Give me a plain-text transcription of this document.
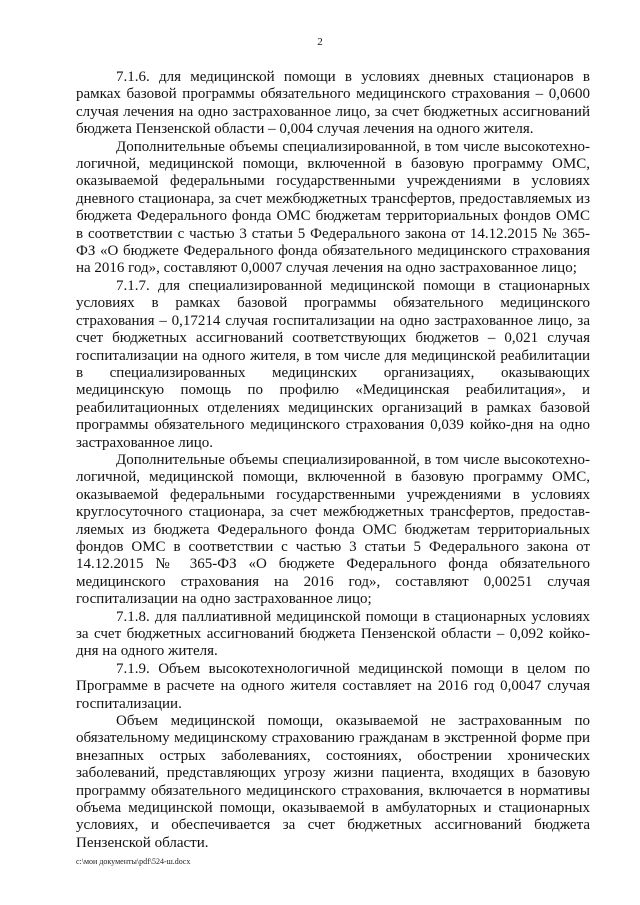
2

7.1.6. для медицинской помощи в условиях дневных стационаров в рамках базовой программы обязательного медицинского страхования – 0,0600 случая лечения на одно застрахованное лицо, за счет бюджетных ассигнований бюджета Пензенской области – 0,004 случая лечения на одного жителя.

Дополнительные объемы специализированной, в том числе высокотехнологичной, медицинской помощи, включенной в базовую программу ОМС, оказываемой федеральными государственными учреждениями в условиях дневного стационара, за счет межбюджетных трансфертов, предоставляемых из бюджета Федерального фонда ОМС бюджетам территориальных фондов ОМС в соответствии с частью 3 статьи 5 Федерального закона от 14.12.2015 № 365-ФЗ «О бюджете Федерального фонда обязательного медицинского страхования на 2016 год», составляют 0,0007 случая лечения на одно застрахованное лицо;

7.1.7. для специализированной медицинской помощи в стационарных условиях в рамках базовой программы обязательного медицинского страхования – 0,17214 случая госпитализации на одно застрахованное лицо, за счет бюджетных ассигнований соответствующих бюджетов – 0,021 случая госпитализации на одного жителя, в том числе для медицинской реабилитации в специализированных медицинских организациях, оказывающих медицинскую помощь по профилю «Медицинская реабилитация», и реабилитационных отделениях медицинских организаций в рамках базовой программы обязательного медицинского страхования 0,039 койко-дня на одно застрахованное лицо.

Дополнительные объемы специализированной, в том числе высокотехнологичной, медицинской помощи, включенной в базовую программу ОМС, оказываемой федеральными государственными учреждениями в условиях круглосуточного стационара, за счет межбюджетных трансфертов, предоставляемых из бюджета Федерального фонда ОМС бюджетам территориальных фондов ОМС в соответствии с частью 3 статьи 5 Федерального закона от 14.12.2015 № 365-ФЗ «О бюджете Федерального фонда обязательного медицинского страхования на 2016 год», составляют 0,00251 случая госпитализации на одно застрахованное лицо;

7.1.8. для паллиативной медицинской помощи в стационарных условиях за счет бюджетных ассигнований бюджета Пензенской области – 0,092 койко-дня на одного жителя.

7.1.9. Объем высокотехнологичной медицинской помощи в целом по Программе в расчете на одного жителя составляет на 2016 год 0,0047 случая госпитализации.

Объем медицинской помощи, оказываемой не застрахованным по обязательному медицинскому страхованию гражданам в экстренной форме при внезапных острых заболеваниях, состояниях, обострении хронических заболеваний, представляющих угрозу жизни пациента, входящих в базовую программу обязательного медицинского страхования, включается в нормативы объема медицинской помощи, оказываемой в амбулаторных и стационарных условиях, и обеспечивается за счет бюджетных ассигнований бюджета Пензенской области.

c:\мои документы\pdf\524-ш.docx
